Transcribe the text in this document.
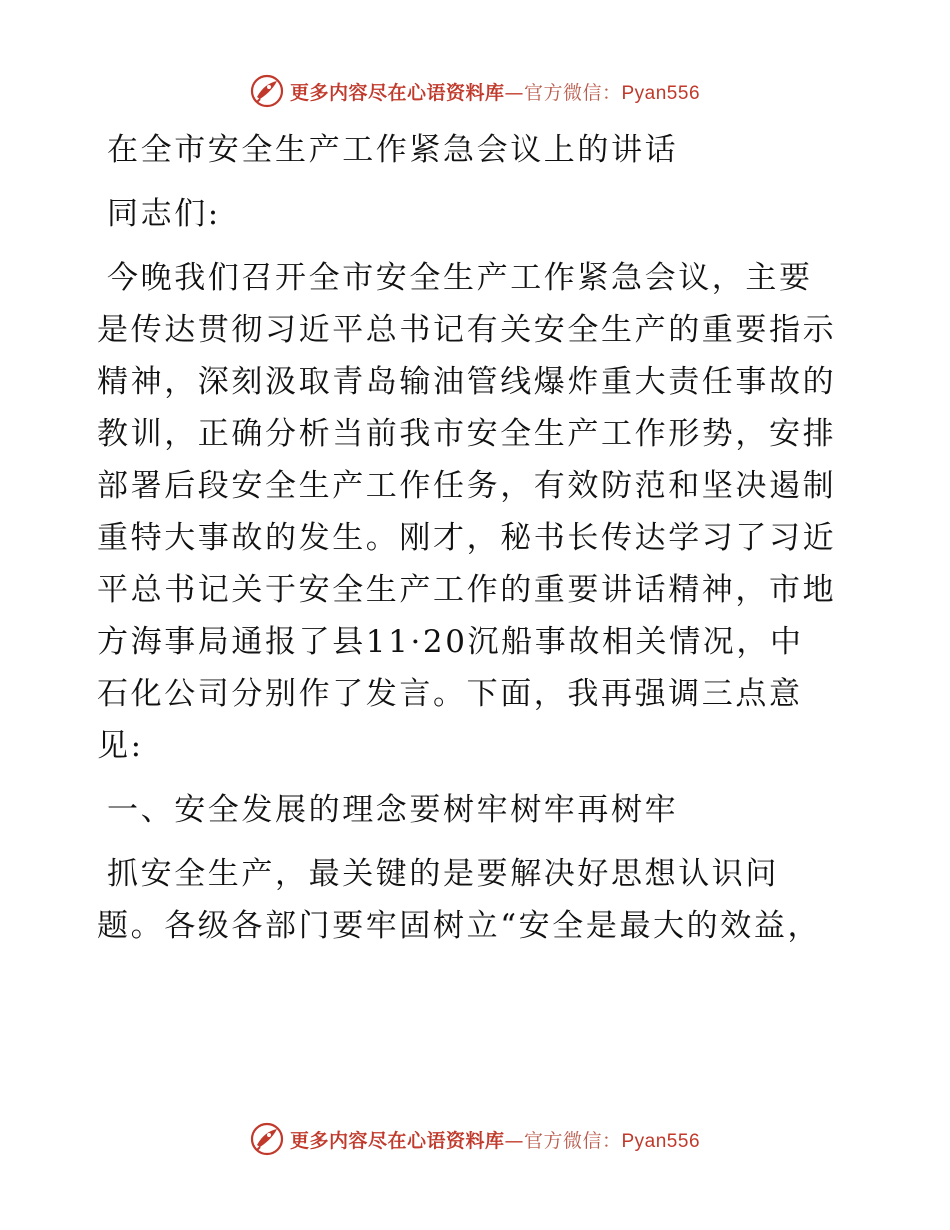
更多内容尽在心语资料库—官方微信：Pyan556

在全市安全生产工作紧急会议上的讲话

同志们:

今晚我们召开全市安全生产工作紧急会议，主要

是传达贯彻习近平总书记有关安全生产的重要指示

精神，深刻汲取青岛输油管线爆炸重大责任事故的

教训，正确分析当前我市安全生产工作形势，安排

部署后段安全生产工作任务，有效防范和坚决遏制

重特大事故的发生。刚才，秘书长传达学习了习近

平总书记关于安全生产工作的重要讲话精神，市地

方海事局通报了县11·20沉船事故相关情况，中

石化公司分别作了发言。下面，我再强调三点意

见:

一、安全发展的理念要树牢树牢再树牢

抓安全生产，最关键的是要解决好思想认识问

题。各级各部门要牢固树立“安全是最大的效益，

更多内容尽在心语资料库—官方微信：Pyan556
